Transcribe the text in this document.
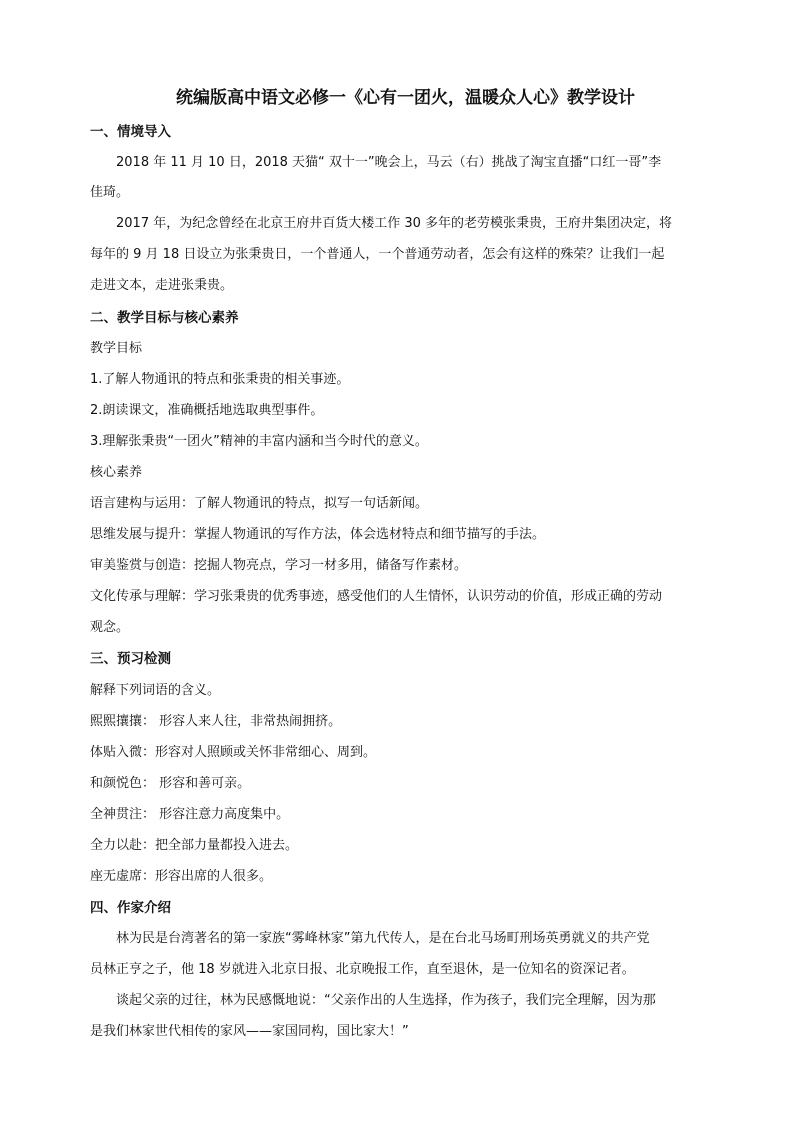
统编版高中语文必修一《心有一团火，温暖众人心》教学设计
一、情境导入
2018 年 11 月 10 日，2018 天猫“ 双十一”晚会上，马云（右）挑战了淘宝直播“口红一哥”李
佳琦。
2017 年，为纪念曾经在北京王府井百货大楼工作 30 多年的老劳模张秉贵，王府井集团决定，将
每年的 9 月 18 日设立为张秉贵日，一个普通人，一个普通劳动者，怎会有这样的殊荣？让我们一起
走进文本，走进张秉贵。
二、教学目标与核心素养
教学目标
1.了解人物通讯的特点和张秉贵的相关事迹。
2.朗读课文，准确概括地选取典型事件。
3.理解张秉贵“一团火”精神的丰富内涵和当今时代的意义。
核心素养
语言建构与运用：了解人物通讯的特点，拟写一句话新闻。
思维发展与提升：掌握人物通讯的写作方法，体会选材特点和细节描写的手法。
审美鉴赏与创造：挖掘人物亮点，学习一材多用，储备写作素材。
文化传承与理解：学习张秉贵的优秀事迹，感受他们的人生情怀，认识劳动的价值，形成正确的劳动
观念。
三、预习检测
解释下列词语的含义。
熙熙攘攘： 形容人来人往，非常热闹拥挤。
体贴入微：形容对人照顾或关怀非常细心、周到。
和颜悦色： 形容和善可亲。
全神贯注： 形容注意力高度集中。
全力以赴：把全部力量都投入进去。
座无虚席：形容出席的人很多。
四、作家介绍
林为民是台湾著名的第一家族“雾峰林家”第九代传人，是在台北马场町刑场英勇就义的共产党
员林正亨之子，他 18 岁就进入北京日报、北京晚报工作，直至退休，是一位知名的资深记者。
谈起父亲的过往，林为民感慨地说：“父亲作出的人生选择，作为孩子，我们完全理解，因为那
是我们林家世代相传的家风——家国同构，国比家大！”
